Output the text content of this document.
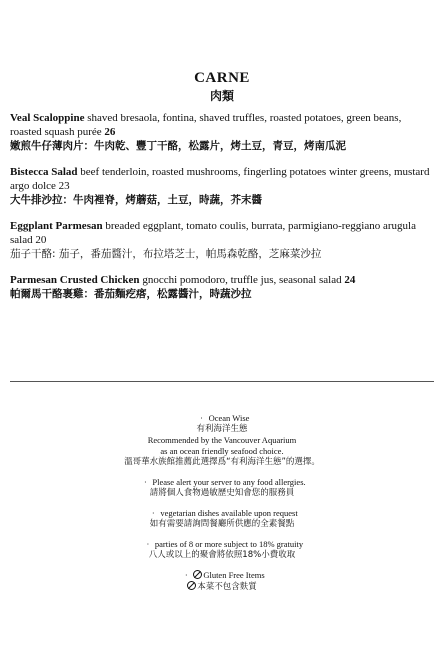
CARNE
肉類
Veal Scaloppine shaved bresaola, fontina, shaved truffles, roasted potatoes, green beans, roasted squash purée 26
嫩煎牛仔薄肉片：牛肉乾、豐丁干酪，松露片，烤土豆，青豆，烤南瓜泥
Bistecca Salad beef tenderloin, roasted mushrooms, fingerling potatoes winter greens, mustard argo dolce 23
大牛排沙拉：牛肉裡脊，烤蘑菇，土豆，時蔬，芥末醬
Eggplant Parmesan breaded eggplant, tomato coulis, burrata, parmigiano-reggiano arugula salad 20
茄子干酪: 茄子，番茄醬汁，布拉塔芝士，帕馬森乾酪，芝麻菜沙拉
Parmesan Crusted Chicken gnocchi pomodoro, truffle jus, seasonal salad 24
帕爾馬干酪裹雞：番茄麵疙瘩，松露醬汁，時蔬沙拉
· Ocean Wise
有利海洋生態
Recommended by the Vancouver Aquarium
as an ocean friendly seafood choice.
溫哥華水族館推薦此選擇爲“有利海洋生態”的選擇。
· Please alert your server to any food allergies.
請將個人食物過敏歷史知會您的服務員
· vegetarian dishes available upon request
如有需要請詢問餐廳所供應的全素餐點
· parties of 8 or more subject to 18% gratuity
八人或以上的聚會將依照18%小費收取
· Gluten Free Items
本菜不包含麩質
